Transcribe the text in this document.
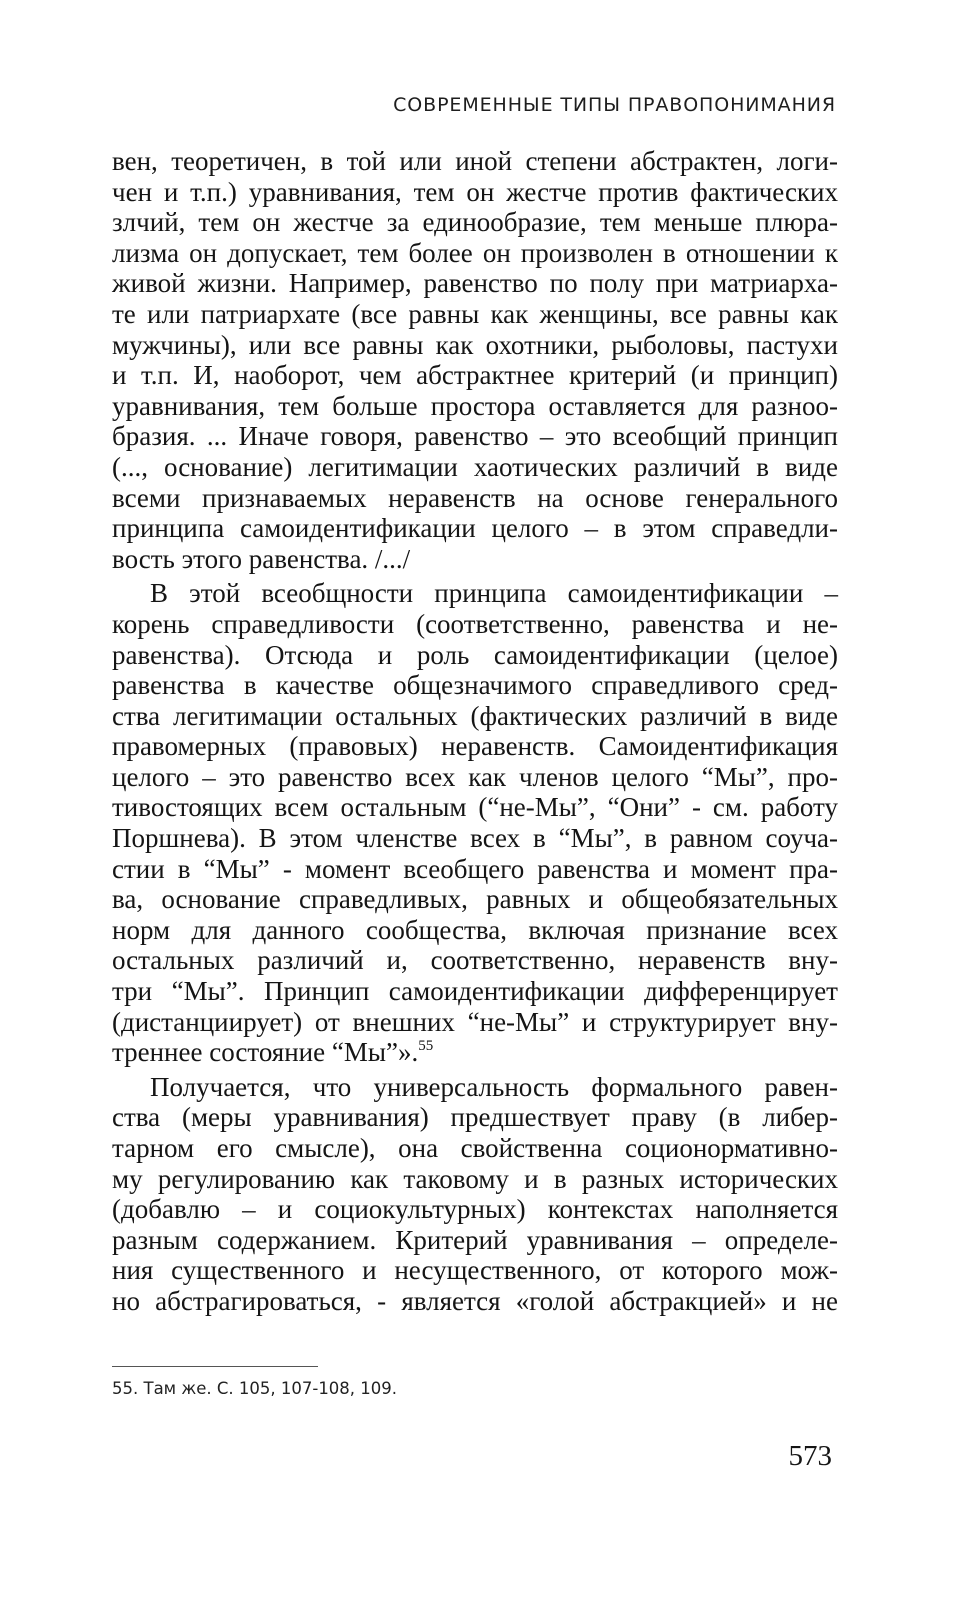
СОВРЕМЕННЫЕ ТИПЫ ПРАВОПОНИМАНИЯ
вен, теоретичен, в той или иной степени абстрактен, логи-
чен и т.п.) уравнивания, тем он жестче против фактических
злчий, тем он жестче за единообразие, тем меньше плюра-
лизма он допускает, тем более он произволен в отношении к
живой жизни. Например, равенство по полу при матриарха-
те или патриархате (все равны как женщины, все равны как
мужчины), или все равны как охотники, рыболовы, пастухи
и т.п. И, наоборот, чем абстрактнее критерий (и принцип)
уравнивания, тем больше простора оставляется для разноо-
бразия. ... Иначе говоря, равенство – это всеобщий принцип
(..., основание) легитимации хаотических различий в виде
всеми признаваемых неравенств на основе генерального
принципа самоидентификации целого – в этом справедли-
вость этого равенства. /.../
В этой всеобщности принципа самоидентификации –
корень справедливости (соответственно, равенства и не-
равенства). Отсюда и роль самоидентификации (целое)
равенства в качестве общезначимого справедливого сред-
ства легитимации остальных (фактических различий в виде
правомерных (правовых) неравенств. Самоидентификация
целого – это равенство всех как членов целого “Мы”, про-
тивостоящих всем остальным (“не-Мы”, “Они” - см. работу
Поршнева). В этом членстве всех в “Мы”, в равном соуча-
стии в “Мы” - момент всеобщего равенства и момент пра-
ва, основание справедливых, равных и общеобязательных
норм для данного сообщества, включая признание всех
остальных различий и, соответственно, неравенств вну-
три “Мы”. Принцип самоидентификации дифференцирует
(дистанциирует) от внешних “не-Мы” и структурирует вну-
треннее состояние “Мы”».$^{55}$
Получается, что универсальность формального равен-
ства (меры уравнивания) предшествует праву (в либер-
тарном его смысле), она свойственна соционормативно-
му регулированию как таковому и в разных исторических
(добавлю – и социокультурных) контекстах наполняется
разным содержанием. Критерий уравнивания – определе-
ния существенного и несущественного, от которого мож-
но абстрагироваться, - является «голой абстракцией» и не
55. Там же. С. 105, 107-108, 109.
573
